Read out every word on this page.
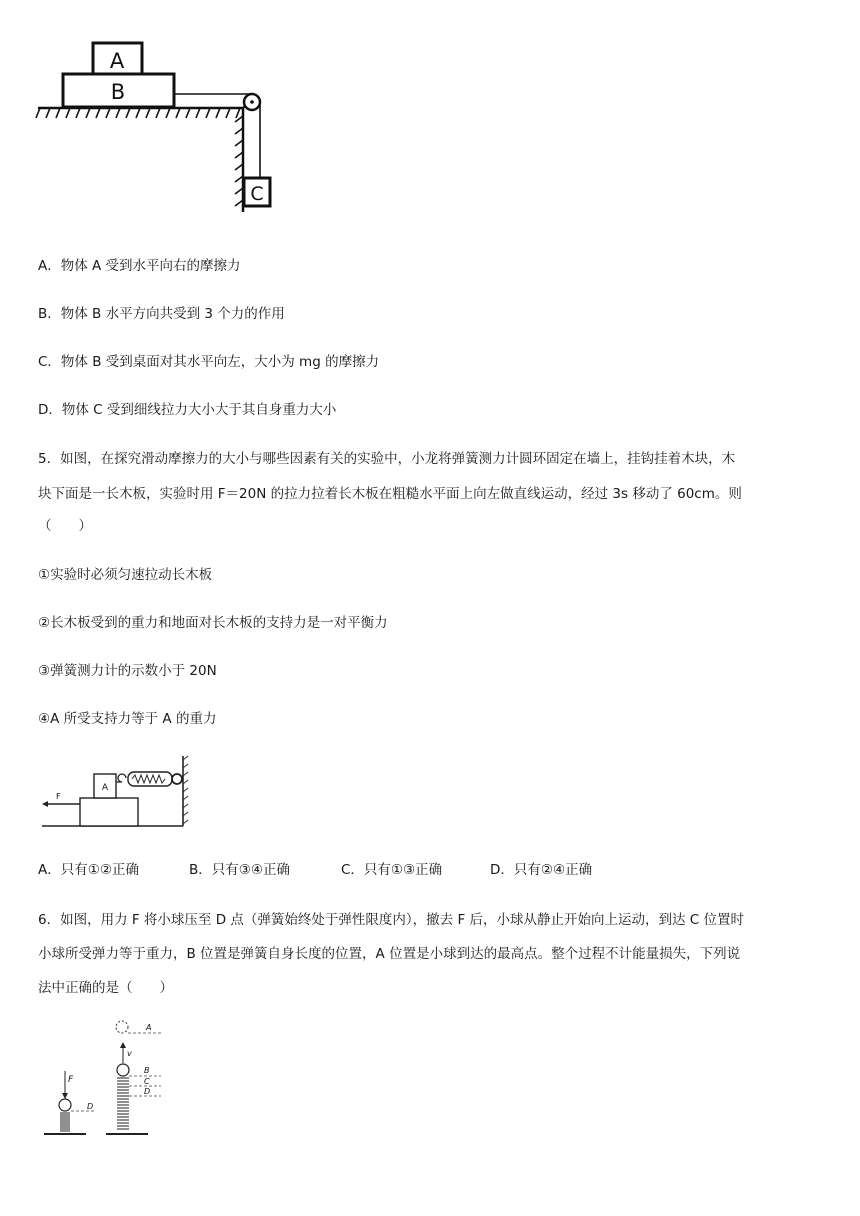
A
B
C
A．物体 A 受到水平向右的摩擦力
B．物体 B 水平方向共受到 3 个力的作用
C．物体 B 受到桌面对其水平向左，大小为 mg 的摩擦力
D．物体 C 受到细线拉力大小大于其自身重力大小
5．如图，在探究滑动摩擦力的大小与哪些因素有关的实验中，小龙将弹簧测力计圆环固定在墙上，挂钩挂着木块，木
块下面是一长木板，实验时用 F＝20N 的拉力拉着长木板在粗糙水平面上向左做直线运动，经过 3s 移动了 60cm。则
（　　）
①实验时必须匀速拉动长木板
②长木板受到的重力和地面对长木板的支持力是一对平衡力
③弹簧测力计的示数小于 20N
④A 所受支持力等于 A 的重力
A
F
A．只有①②正确	B．只有③④正确	C．只有①③正确	D．只有②④正确
6．如图，用力 F 将小球压至 D 点（弹簧始终处于弹性限度内），撤去 F 后，小球从静止开始向上运动，到达 C 位置时
小球所受弹力等于重力，B 位置是弹簧自身长度的位置，A 位置是小球到达的最高点。整个过程不计能量损失，下列说
法中正确的是（　　）
F
D
A
v
B
C
D
